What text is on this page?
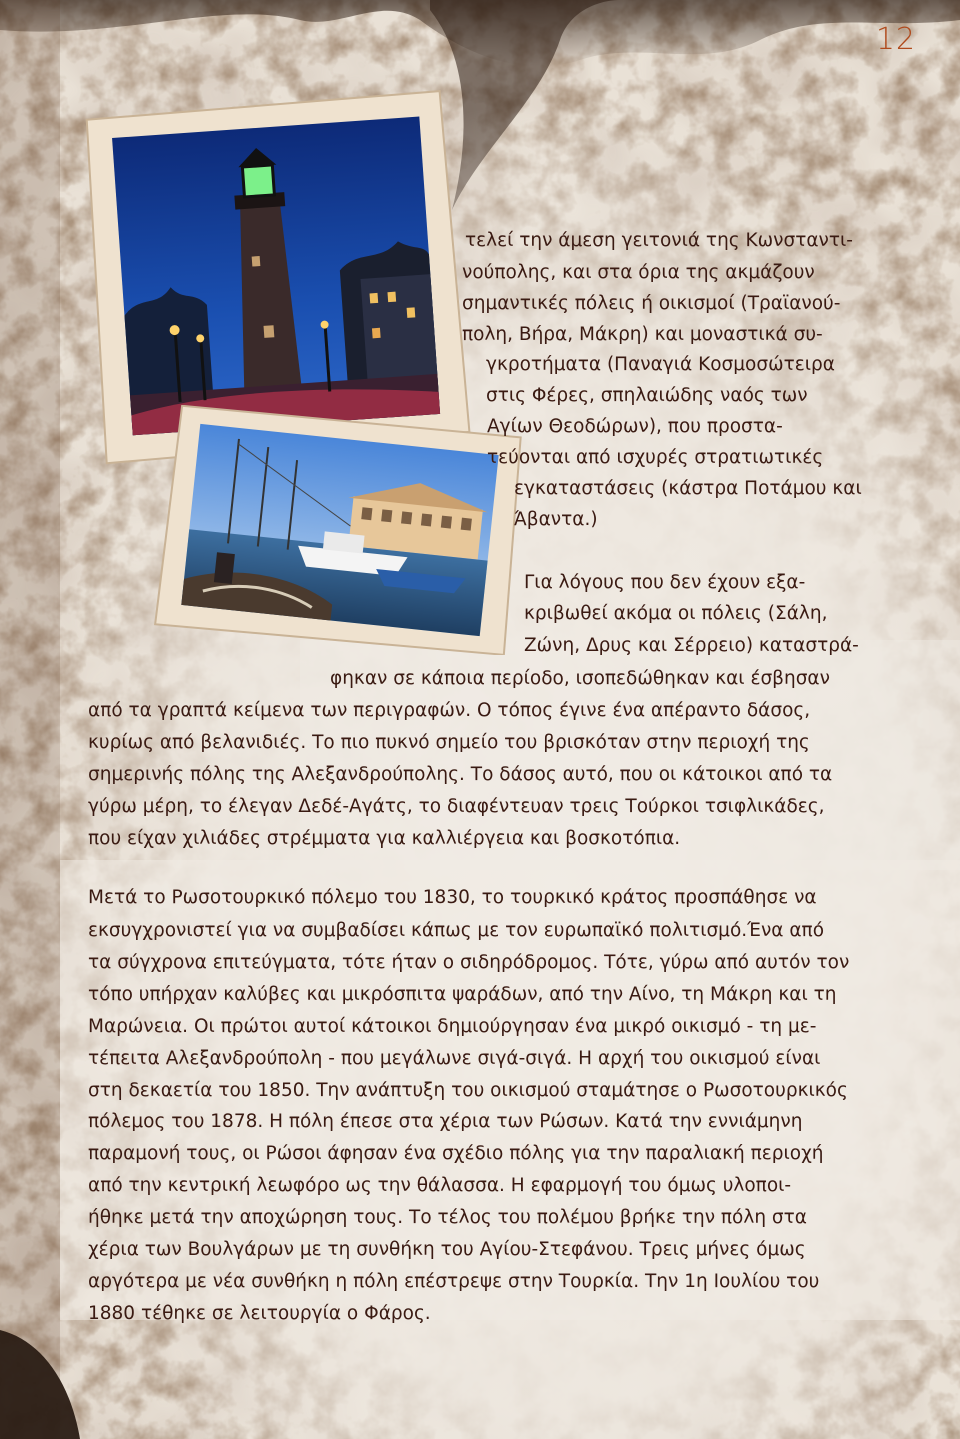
12
τελεί την άμεση γειτονιά της Κωνσταντι-
νούπολης, και στα όρια της ακμάζουν
σημαντικές πόλεις ή οικισμοί (Τραϊανού-
πολη, Βήρα, Μάκρη) και μοναστικά συ-
γκροτήματα (Παναγιά Κοσμοσώτειρα
στις Φέρες, σπηλαιώδης ναός των
Αγίων Θεοδώρων), που προστα-
τεύονται από ισχυρές στρατιωτικές
εγκαταστάσεις (κάστρα Ποτάμου και
Άβαντα.)
Για λόγους που δεν έχουν εξα-
κριβωθεί ακόμα οι πόλεις (Σάλη,
Ζώνη, Δρυς και Σέρρειο) καταστρά-
φηκαν σε κάποια περίοδο, ισοπεδώθηκαν και έσβησαν
από τα γραπτά κείμενα των περιγραφών. Ο τόπος έγινε ένα απέραντο δάσος,
κυρίως από βελανιδιές. Το πιο πυκνό σημείο του βρισκόταν στην περιοχή της
σημερινής πόλης της Αλεξανδρούπολης. Το δάσος αυτό, που οι κάτοικοι από τα
γύρω μέρη, το έλεγαν Δεδέ-Αγάτς, το διαφέντευαν τρεις Τούρκοι τσιφλικάδες,
που είχαν χιλιάδες στρέμματα για καλλιέργεια και βοσκοτόπια.
Μετά το Ρωσοτουρκικό πόλεμο του 1830, το τουρκικό κράτος προσπάθησε να
εκσυγχρονιστεί για να συμβαδίσει κάπως με τον ευρωπαϊκό πολιτισμό.Ένα από
τα σύγχρονα επιτεύγματα, τότε ήταν ο σιδηρόδρομος. Τότε, γύρω από αυτόν τον
τόπο υπήρχαν καλύβες και μικρόσπιτα ψαράδων, από την Αίνο, τη Μάκρη και τη
Μαρώνεια. Οι πρώτοι αυτοί κάτοικοι δημιούργησαν ένα μικρό οικισμό - τη με-
τέπειτα Αλεξανδρούπολη - που μεγάλωνε σιγά-σιγά. Η αρχή του οικισμού είναι
στη δεκαετία του 1850. Την ανάπτυξη του οικισμού σταμάτησε ο Ρωσοτουρκικός
πόλεμος του 1878. Η πόλη έπεσε στα χέρια των Ρώσων. Κατά την εννιάμηνη
παραμονή τους, οι Ρώσοι άφησαν ένα σχέδιο πόλης για την παραλιακή περιοχή
από την κεντρική λεωφόρο ως την θάλασσα. Η εφαρμογή του όμως υλοποι-
ήθηκε μετά την αποχώρηση τους. Το τέλος του πολέμου βρήκε την πόλη στα
χέρια των Βουλγάρων με τη συνθήκη του Αγίου-Στεφάνου. Τρεις μήνες όμως
αργότερα με νέα συνθήκη η πόλη επέστρεψε στην Τουρκία. Την 1η Ιουλίου του
1880 τέθηκε σε λειτουργία ο Φάρος.
